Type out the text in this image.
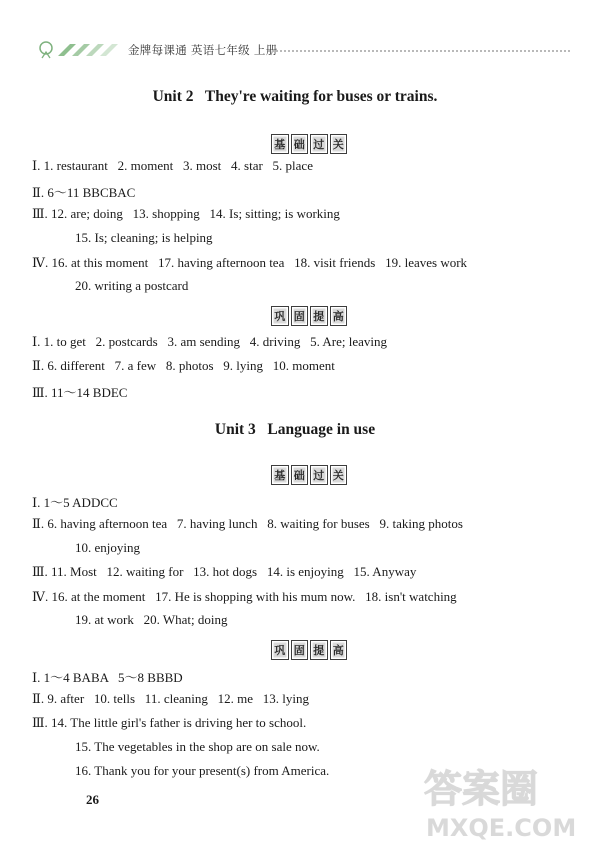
金牌每课通 英语七年级 上册
Unit 2   They're waiting for buses or trains.
基 础 过 关
Ⅰ. 1. restaurant   2. moment   3. most   4. star   5. place
Ⅱ. 6～11 BBCBAC
Ⅲ. 12. are; doing   13. shopping   14. Is; sitting; is working
15. Is; cleaning; is helping
Ⅳ. 16. at this moment   17. having afternoon tea   18. visit friends   19. leaves work
20. writing a postcard
巩 固 提 高
Ⅰ. 1. to get   2. postcards   3. am sending   4. driving   5. Are; leaving
Ⅱ. 6. different   7. a few   8. photos   9. lying   10. moment
Ⅲ. 11～14 BDEC
Unit 3   Language in use
基 础 过 关
Ⅰ. 1～5 ADDCC
Ⅱ. 6. having afternoon tea   7. having lunch   8. waiting for buses   9. taking photos
10. enjoying
Ⅲ. 11. Most   12. waiting for   13. hot dogs   14. is enjoying   15. Anyway
Ⅳ. 16. at the moment   17. He is shopping with his mum now.   18. isn't watching
19. at work   20. What; doing
巩 固 提 高
Ⅰ. 1～4 BABA   5～8 BBBD
Ⅱ. 9. after   10. tells   11. cleaning   12. me   13. lying
Ⅲ. 14. The little girl's father is driving her to school.
15. The vegetables in the shop are on sale now.
16. Thank you for your present(s) from America.
26	答案圈
MXQE.COM
